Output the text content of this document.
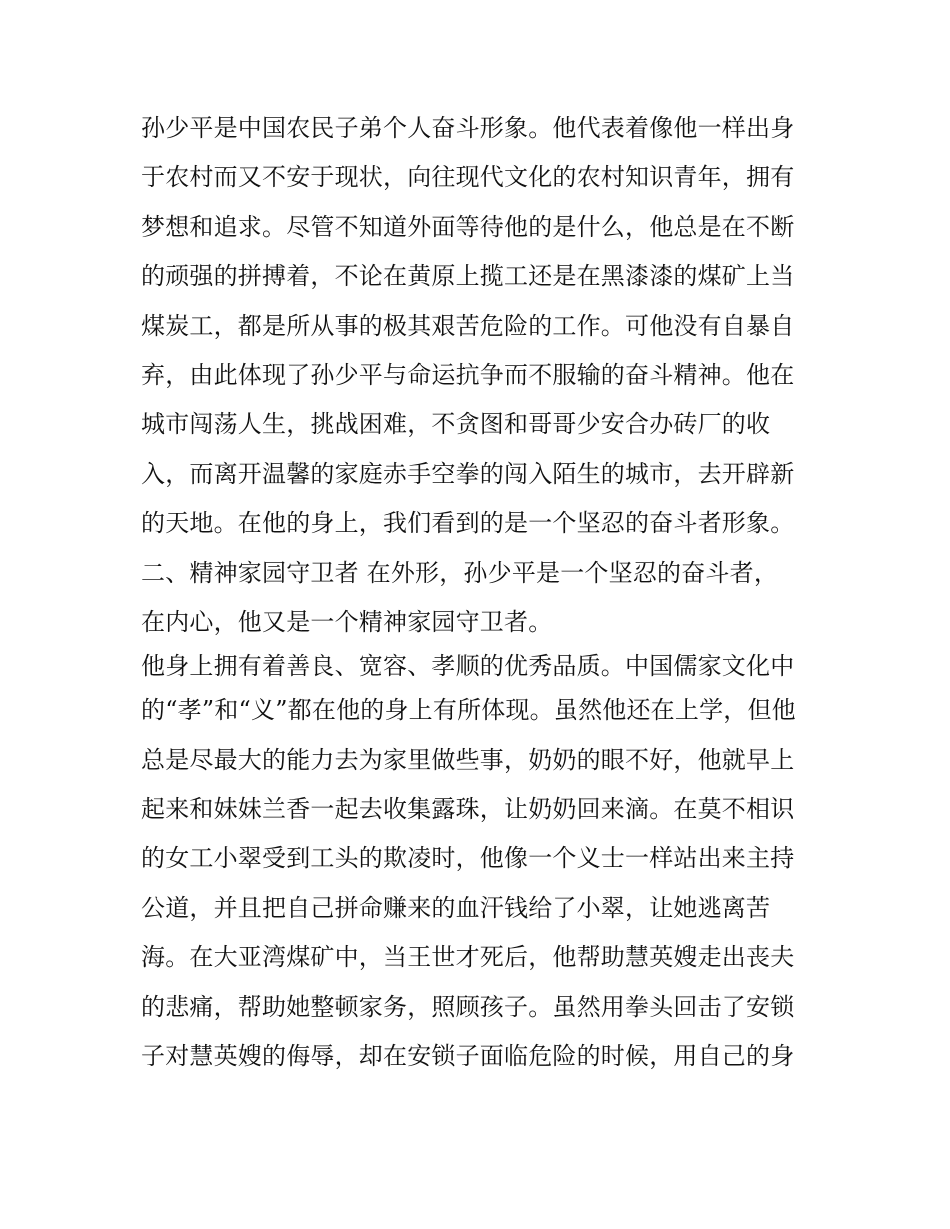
孙少平是中国农民子弟个人奋斗形象。他代表着像他一样出身
于农村而又不安于现状，向往现代文化的农村知识青年，拥有
梦想和追求。尽管不知道外面等待他的是什么，他总是在不断
的顽强的拼搏着，不论在黄原上揽工还是在黑漆漆的煤矿上当
煤炭工，都是所从事的极其艰苦危险的工作。可他没有自暴自
弃，由此体现了孙少平与命运抗争而不服输的奋斗精神。他在
城市闯荡人生，挑战困难，不贪图和哥哥少安合办砖厂的收
入，而离开温馨的家庭赤手空拳的闯入陌生的城市，去开辟新
的天地。在他的身上，我们看到的是一个坚忍的奋斗者形象。
二、精神家园守卫者 在外形，孙少平是一个坚忍的奋斗者，
在内心，他又是一个精神家园守卫者。
他身上拥有着善良、宽容、孝顺的优秀品质。中国儒家文化中
的“孝”和“义”都在他的身上有所体现。虽然他还在上学，但他
总是尽最大的能力去为家里做些事，奶奶的眼不好，他就早上
起来和妹妹兰香一起去收集露珠，让奶奶回来滴。在莫不相识
的女工小翠受到工头的欺凌时，他像一个义士一样站出来主持
公道，并且把自己拼命赚来的血汗钱给了小翠，让她逃离苦
海。在大亚湾煤矿中，当王世才死后，他帮助慧英嫂走出丧夫
的悲痛，帮助她整顿家务，照顾孩子。虽然用拳头回击了安锁
子对慧英嫂的侮辱，却在安锁子面临危险的时候，用自己的身
